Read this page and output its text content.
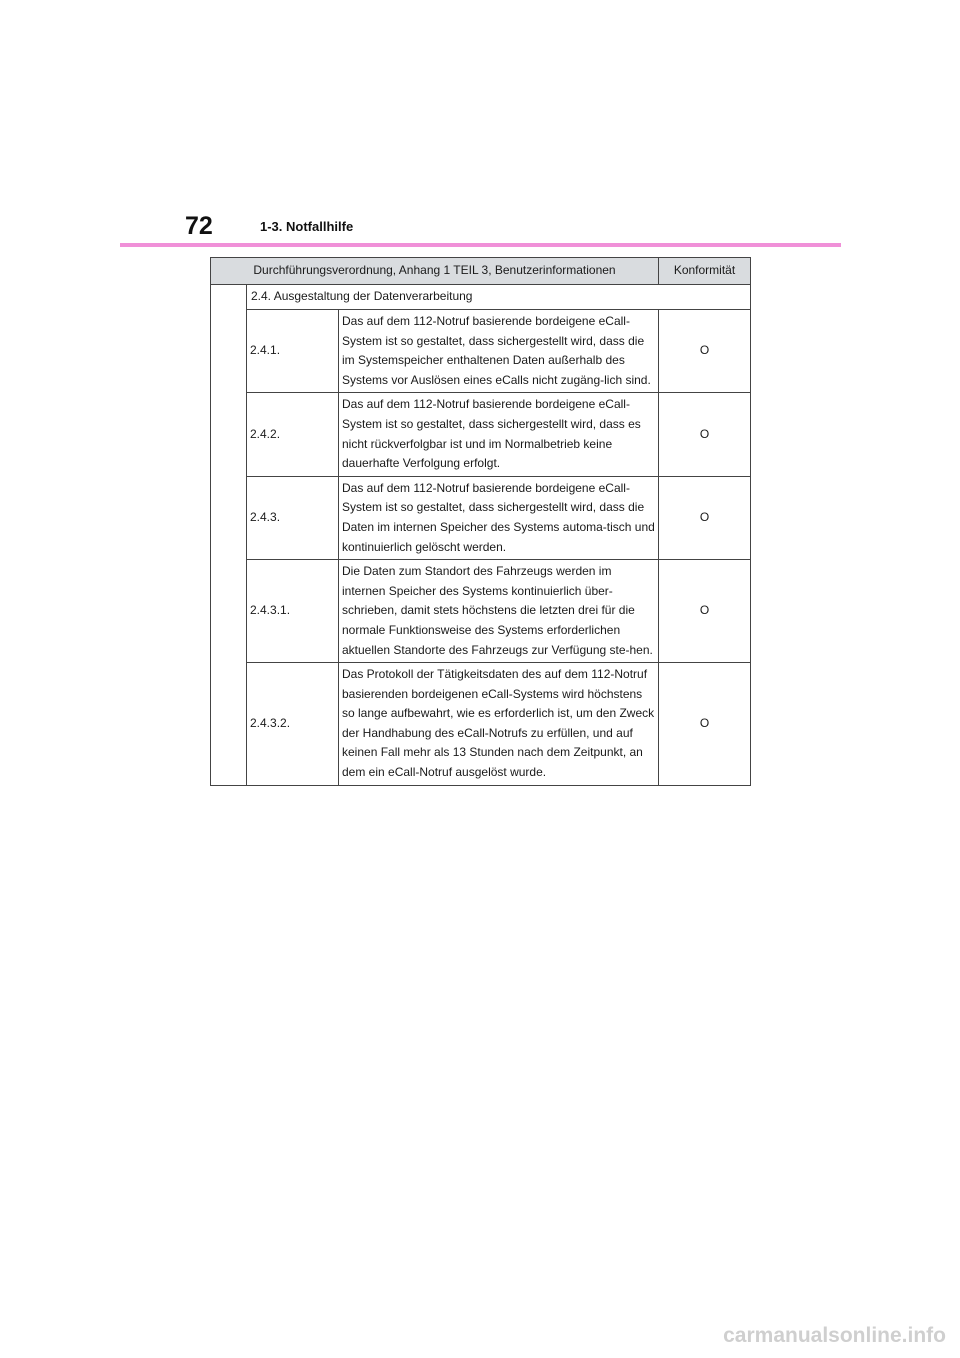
72	1-3. Notfallhilfe
Durchführungsverordnung, Anhang 1 TEIL 3, Benutzerinformationen			Konformität
	2.4. Ausgestaltung der Datenverarbeitung		
	2.4.1.	Das auf dem 112-Notruf basierende bordeigene eCall-System ist so gestaltet, dass sichergestellt wird, dass die im Systemspeicher enthaltenen Daten außerhalb des Systems vor Auslösen eines eCalls nicht zugäng-lich sind.	O
	2.4.2.	Das auf dem 112-Notruf basierende bordeigene eCall-System ist so gestaltet, dass sichergestellt wird, dass es nicht rückverfolgbar ist und im Normalbetrieb keine dauerhafte Verfolgung erfolgt.	O
	2.4.3.	Das auf dem 112-Notruf basierende bordeigene eCall-System ist so gestaltet, dass sichergestellt wird, dass die Daten im internen Speicher des Systems automa-tisch und kontinuierlich gelöscht werden.	O
	2.4.3.1.	Die Daten zum Standort des Fahrzeugs werden im internen Speicher des Systems kontinuierlich über-schrieben, damit stets höchstens die letzten drei für die normale Funktionsweise des Systems erforderlichen aktuellen Standorte des Fahrzeugs zur Verfügung ste-hen.	O
	2.4.3.2.	Das Protokoll der Tätigkeitsdaten des auf dem 112-Notruf basierenden bordeigenen eCall-Systems wird höchstens so lange aufbewahrt, wie es erforderlich ist, um den Zweck der Handhabung des eCall-Notrufs zu erfüllen, und auf keinen Fall mehr als 13 Stunden nach dem Zeitpunkt, an dem ein eCall-Notruf ausgelöst wurde.	O
carmanualsonline.info
